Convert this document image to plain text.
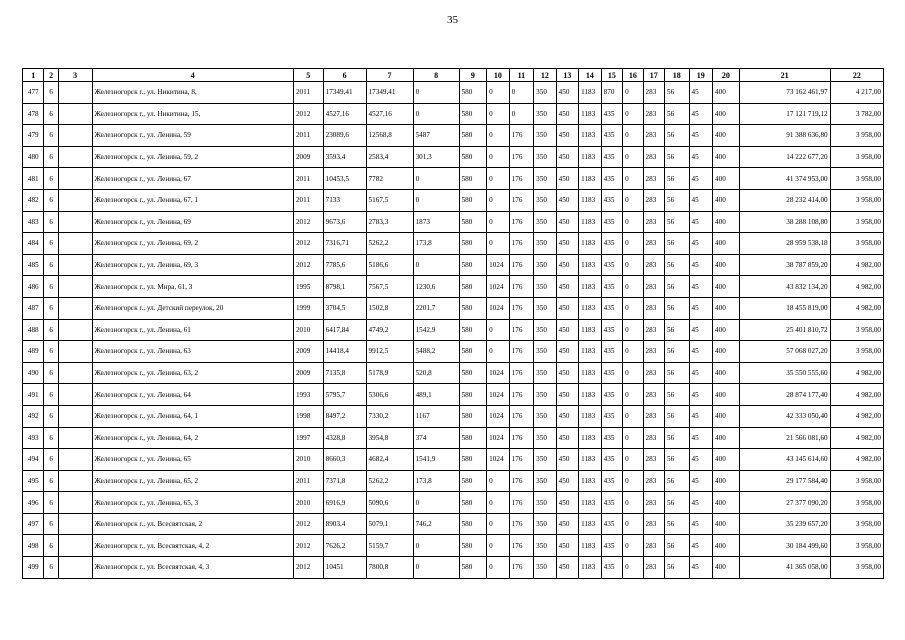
35
1	2	3	4	5	6	7	8	9	10	11	12	13	14	15	16	17	18	19	20	21	22
477	6		Железногорск г., ул. Никитина, 8,	2011	17349,41	17349,41	0	580	0	0	350	450	1183	870	0	283	56	45	400	73 162 461,97	4 217,00
478	6		Железногорск г., ул. Никитина, 15,	2012	4527,16	4527,16	0	580	0	0	350	450	1183	435	0	283	56	45	400	17 121 719,12	3 782,00
479	6		Железногорск г., ул. Ленина, 59	2011	23089,6	12568,8	5487	580	0	176	350	450	1183	435	0	283	56	45	400	91 388 636,80	3 958,00
480	6		Железногорск г., ул. Ленина, 59, 2	2009	3593,4	2583,4	301,3	580	0	176	350	450	1183	435	0	283	56	45	400	14 222 677,20	3 958,00
481	6		Железногорск г., ул. Ленина, 67	2011	10453,5	7782	0	580	0	176	350	450	1183	435	0	283	56	45	400	41 374 953,00	3 958,00
482	6		Железногорск г., ул. Ленина, 67, 1	2011	7133	5167,5	0	580	0	176	350	450	1183	435	0	283	56	45	400	28 232 414,00	3 958,00
483	6		Железногорск г., ул. Ленина, 69	2012	9673,6	2783,3	1873	580	0	176	350	450	1183	435	0	283	56	45	400	38 288 108,80	3 958,00
484	6		Железногорск г., ул. Ленина, 69, 2	2012	7316,71	5262,2	173,8	580	0	176	350	450	1183	435	0	283	56	45	400	28 959 538,18	3 958,00
485	6		Железногорск г., ул. Ленина, 69, 3	2012	7785,6	5186,6	0	580	1024	176	350	450	1183	435	0	283	56	45	400	38 787 859,20	4 982,00
486	6		Железногорск г., ул. Мира, 61, 3	1995	8798,1	7567,5	1230,6	580	1024	176	350	450	1183	435	0	283	56	45	400	43 832 134,20	4 982,00
487	6		Железногорск г., ул. Детский переулок, 20	1999	3704,5	1502,8	2201,7	580	1024	176	350	450	1183	435	0	283	56	45	400	18 455 819,00	4 982,00
488	6		Железногорск г., ул. Ленина, 61	2010	6417,84	4749,2	1542,9	580	0	176	350	450	1183	435	0	283	56	45	400	25 401 810,72	3 958,00
489	6		Железногорск г., ул. Ленина, 63	2009	14418,4	9912,5	5488,2	580	0	176	350	450	1183	435	0	283	56	45	400	57 068 027,20	3 958,00
490	6		Железногорск г., ул. Ленина, 63, 2	2009	7135,8	5178,9	520,8	580	1024	176	350	450	1183	435	0	283	56	45	400	35 550 555,60	4 982,00
491	6		Железногорск г., ул. Ленина, 64	1993	5795,7	5306,6	489,1	580	1024	176	350	450	1183	435	0	283	56	45	400	28 874 177,40	4 982,00
492	6		Железногорск г., ул. Ленина, 64, 1	1998	8497,2	7330,2	1167	580	1024	176	350	450	1183	435	0	283	56	45	400	42 333 050,40	4 982,00
493	6		Железногорск г., ул. Ленина, 64, 2	1997	4328,8	3954,8	374	580	1024	176	350	450	1183	435	0	283	56	45	400	21 566 081,60	4 982,00
494	6		Железногорск г., ул. Ленина, 65	2010	8660,3	4682,4	1541,9	580	1024	176	350	450	1183	435	0	283	56	45	400	43 145 614,60	4 982,00
495	6		Железногорск г., ул. Ленина, 65, 2	2011	7371,8	5262,2	173,8	580	0	176	350	450	1183	435	0	283	56	45	400	29 177 584,40	3 958,00
496	6		Железногорск г., ул. Ленина, 65, 3	2010	6916,9	5090,6	0	580	0	176	350	450	1183	435	0	283	56	45	400	27 377 090,20	3 958,00
497	6		Железногорск г., ул. Всесвятская, 2	2012	8903,4	5079,1	746,2	580	0	176	350	450	1183	435	0	283	56	45	400	35 239 657,20	3 958,00
498	6		Железногорск г., ул. Всесвятская, 4, 2	2012	7626,2	5159,7	0	580	0	176	350	450	1183	435	0	283	56	45	400	30 184 499,60	3 958,00
499	6		Железногорск г., ул. Всесвятская, 4, 3	2012	10451	7800,8	0	580	0	176	350	450	1183	435	0	283	56	45	400	41 365 058,00	3 958,00
